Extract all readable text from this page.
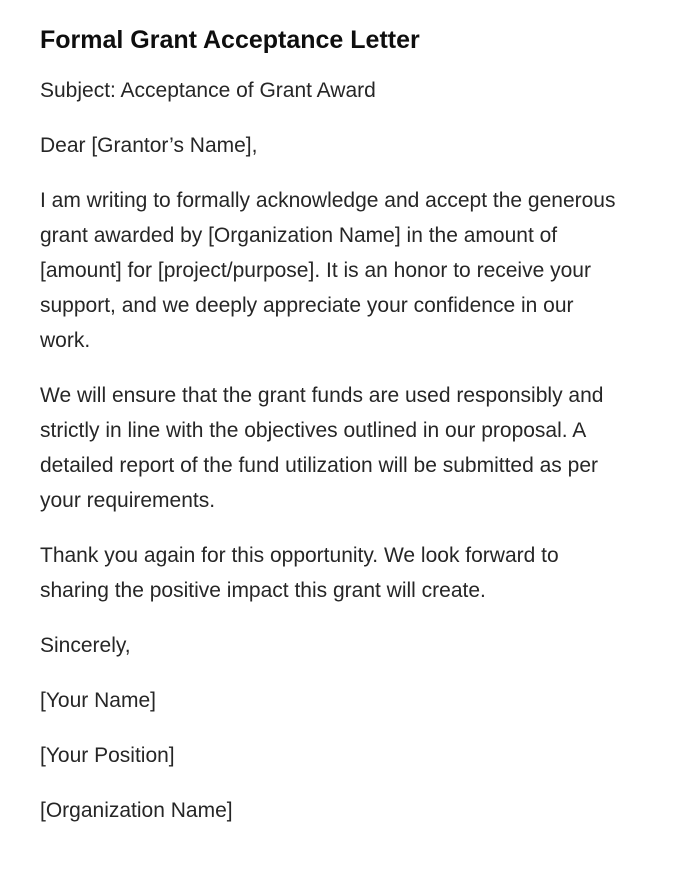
Formal Grant Acceptance Letter

Subject: Acceptance of Grant Award

Dear [Grantor’s Name],

I am writing to formally acknowledge and accept the generous grant awarded by [Organization Name] in the amount of [amount] for [project/purpose]. It is an honor to receive your support, and we deeply appreciate your confidence in our work.

We will ensure that the grant funds are used responsibly and strictly in line with the objectives outlined in our proposal. A detailed report of the fund utilization will be submitted as per your requirements.

Thank you again for this opportunity. We look forward to sharing the positive impact this grant will create.

Sincerely,

[Your Name]

[Your Position]

[Organization Name]
